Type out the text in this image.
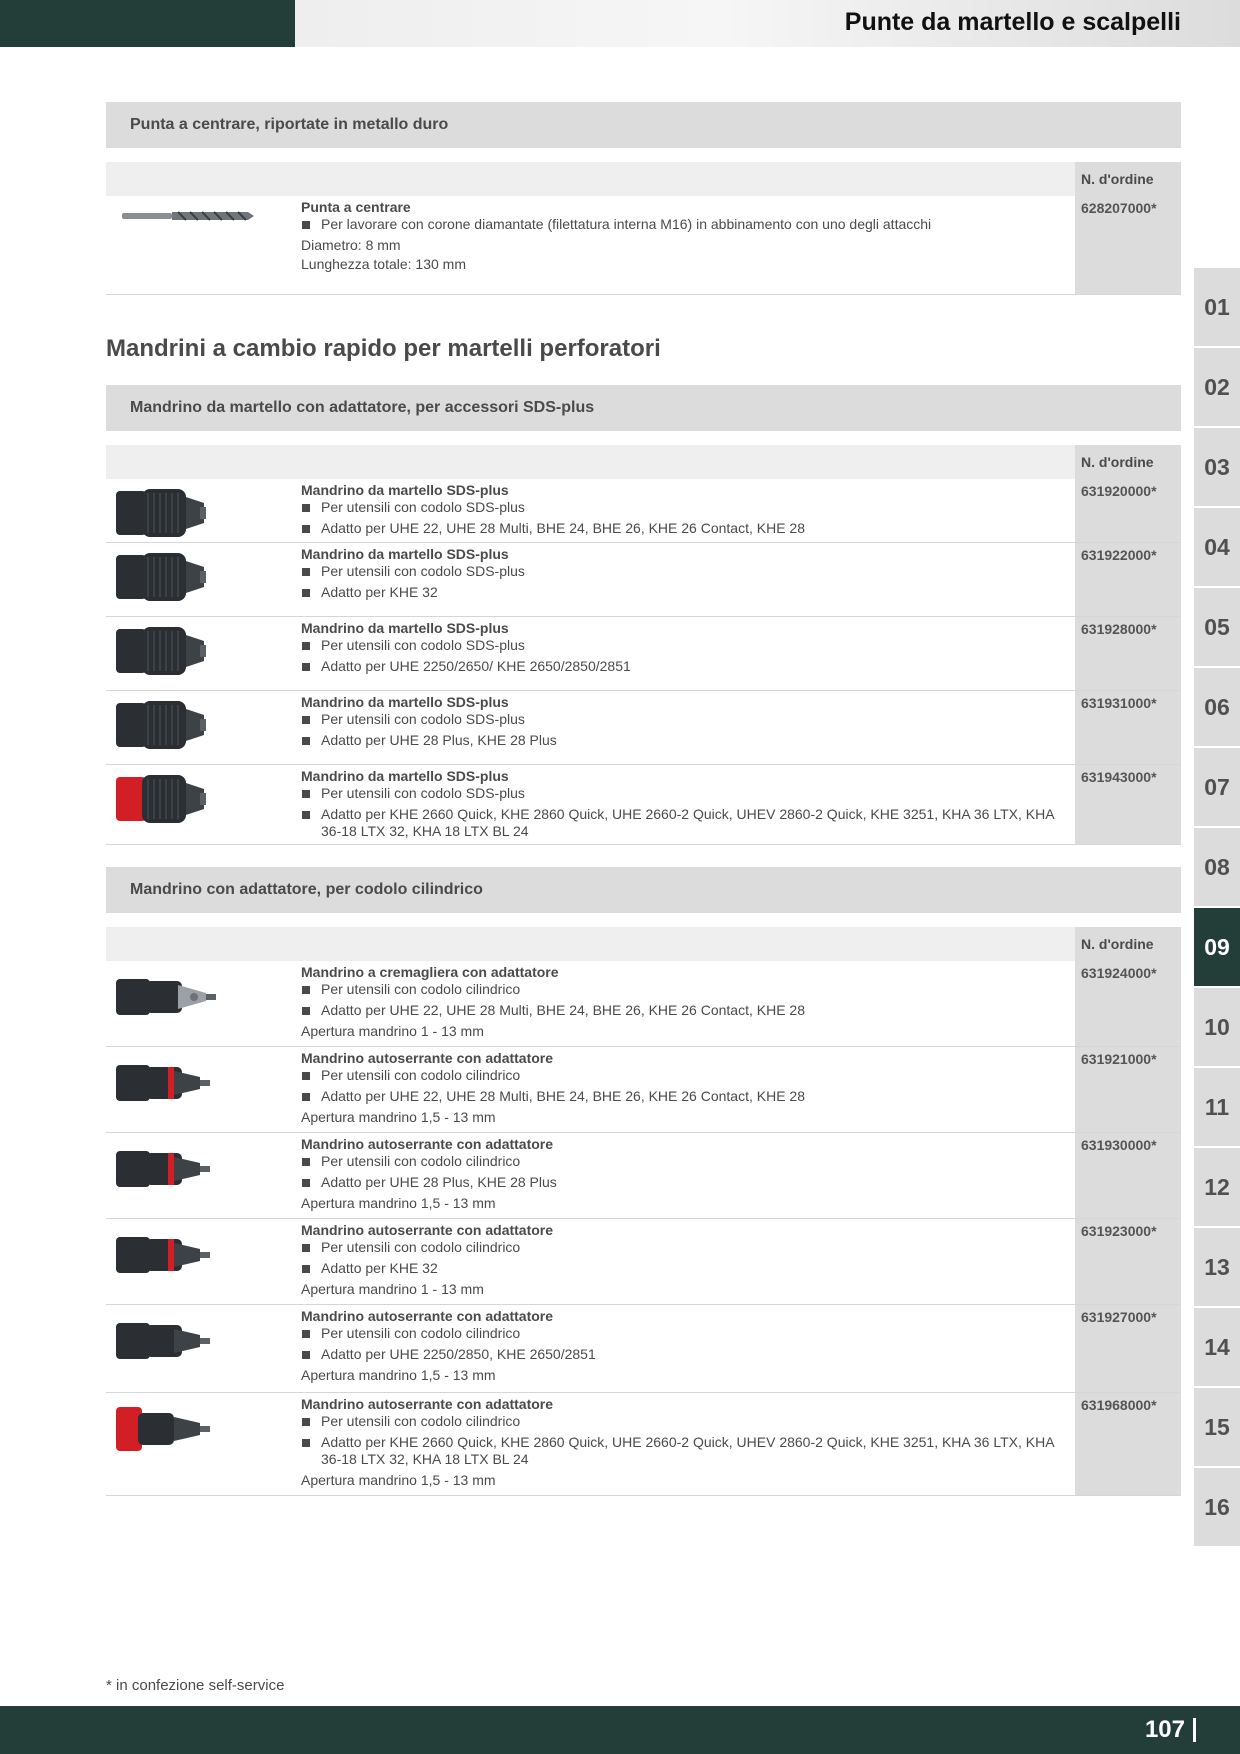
Punte da martello e scalpelli
Punta a centrare, riportate in metallo duro
N. d'ordine
Punta a centrare
Per lavorare con corone diamantate (filettatura interna M16) in abbinamento con uno degli attacchi
Diametro: 8 mm
Lunghezza totale: 130 mm
628207000*
Mandrini a cambio rapido per martelli perforatori
Mandrino da martello con adattatore, per accessori SDS-plus
N. d'ordine
Mandrino da martello SDS-plus
Per utensili con codolo SDS-plus
Adatto per UHE 22, UHE 28 Multi, BHE 24, BHE 26, KHE 26 Contact, KHE 28
631920000*
Mandrino da martello SDS-plus
Per utensili con codolo SDS-plus
Adatto per KHE 32
631922000*
Mandrino da martello SDS-plus
Per utensili con codolo SDS-plus
Adatto per UHE 2250/2650/ KHE 2650/2850/2851
631928000*
Mandrino da martello SDS-plus
Per utensili con codolo SDS-plus
Adatto per UHE 28 Plus, KHE 28 Plus
631931000*
Mandrino da martello SDS-plus
Per utensili con codolo SDS-plus
Adatto per KHE 2660 Quick, KHE 2860 Quick, UHE 2660-2 Quick, UHEV 2860-2 Quick, KHE 3251, KHA 36 LTX, KHA 36-18 LTX 32, KHA 18 LTX BL 24
631943000*
Mandrino con adattatore, per codolo cilindrico
N. d'ordine
Mandrino a cremagliera con adattatore
Per utensili con codolo cilindrico
Adatto per UHE 22, UHE 28 Multi, BHE 24, BHE 26, KHE 26 Contact, KHE 28
Apertura mandrino 1 - 13 mm
631924000*
Mandrino autoserrante con adattatore
Per utensili con codolo cilindrico
Adatto per UHE 22, UHE 28 Multi, BHE 24, BHE 26, KHE 26 Contact, KHE 28
Apertura mandrino 1,5 - 13 mm
631921000*
Mandrino autoserrante con adattatore
Per utensili con codolo cilindrico
Adatto per UHE 28 Plus, KHE 28 Plus
Apertura mandrino 1,5 - 13 mm
631930000*
Mandrino autoserrante con adattatore
Per utensili con codolo cilindrico
Adatto per KHE 32
Apertura mandrino 1 - 13 mm
631923000*
Mandrino autoserrante con adattatore
Per utensili con codolo cilindrico
Adatto per UHE 2250/2850, KHE 2650/2851
Apertura mandrino 1,5 - 13 mm
631927000*
Mandrino autoserrante con adattatore
Per utensili con codolo cilindrico
Adatto per KHE 2660 Quick, KHE 2860 Quick, UHE 2660-2 Quick, UHEV 2860-2 Quick, KHE 3251, KHA 36 LTX, KHA 36-18 LTX 32, KHA 18 LTX BL 24
Apertura mandrino 1,5 - 13 mm
631968000*
01
02
03
04
05
06
07
08
09
10
11
12
13
14
15
16
* in confezione self-service
107
